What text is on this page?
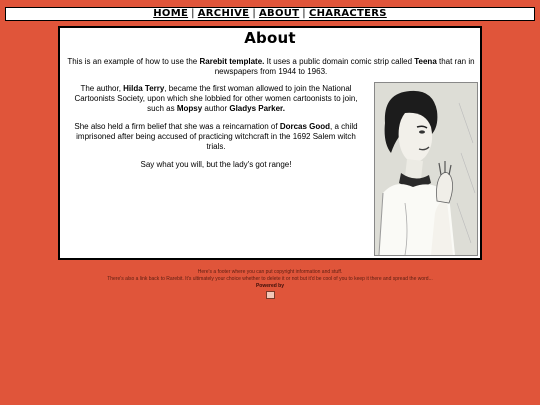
HOME | ARCHIVE | ABOUT | CHARACTERS
About
This is an example of how to use the Rarebit template. It uses a public domain comic strip called Teena that ran in newspapers from 1944 to 1963.

The author, Hilda Terry, became the first woman allowed to join the National Cartoonists Society, upon which she lobbied for other women cartoonists to join, such as Mopsy author Gladys Parker.

She also held a firm belief that she was a reincarnation of Dorcas Good, a child imprisoned after being accused of practicing witchcraft in the 1692 Salem witch trials.

Say what you will, but the lady's got range!

Here's a footer where you can put copyright information and stuff.
There's also a link back to Rarebit. It's ultimately your choice whether to delete it or not but it'd be cool of you to keep it there and spread the word...
Powered by
